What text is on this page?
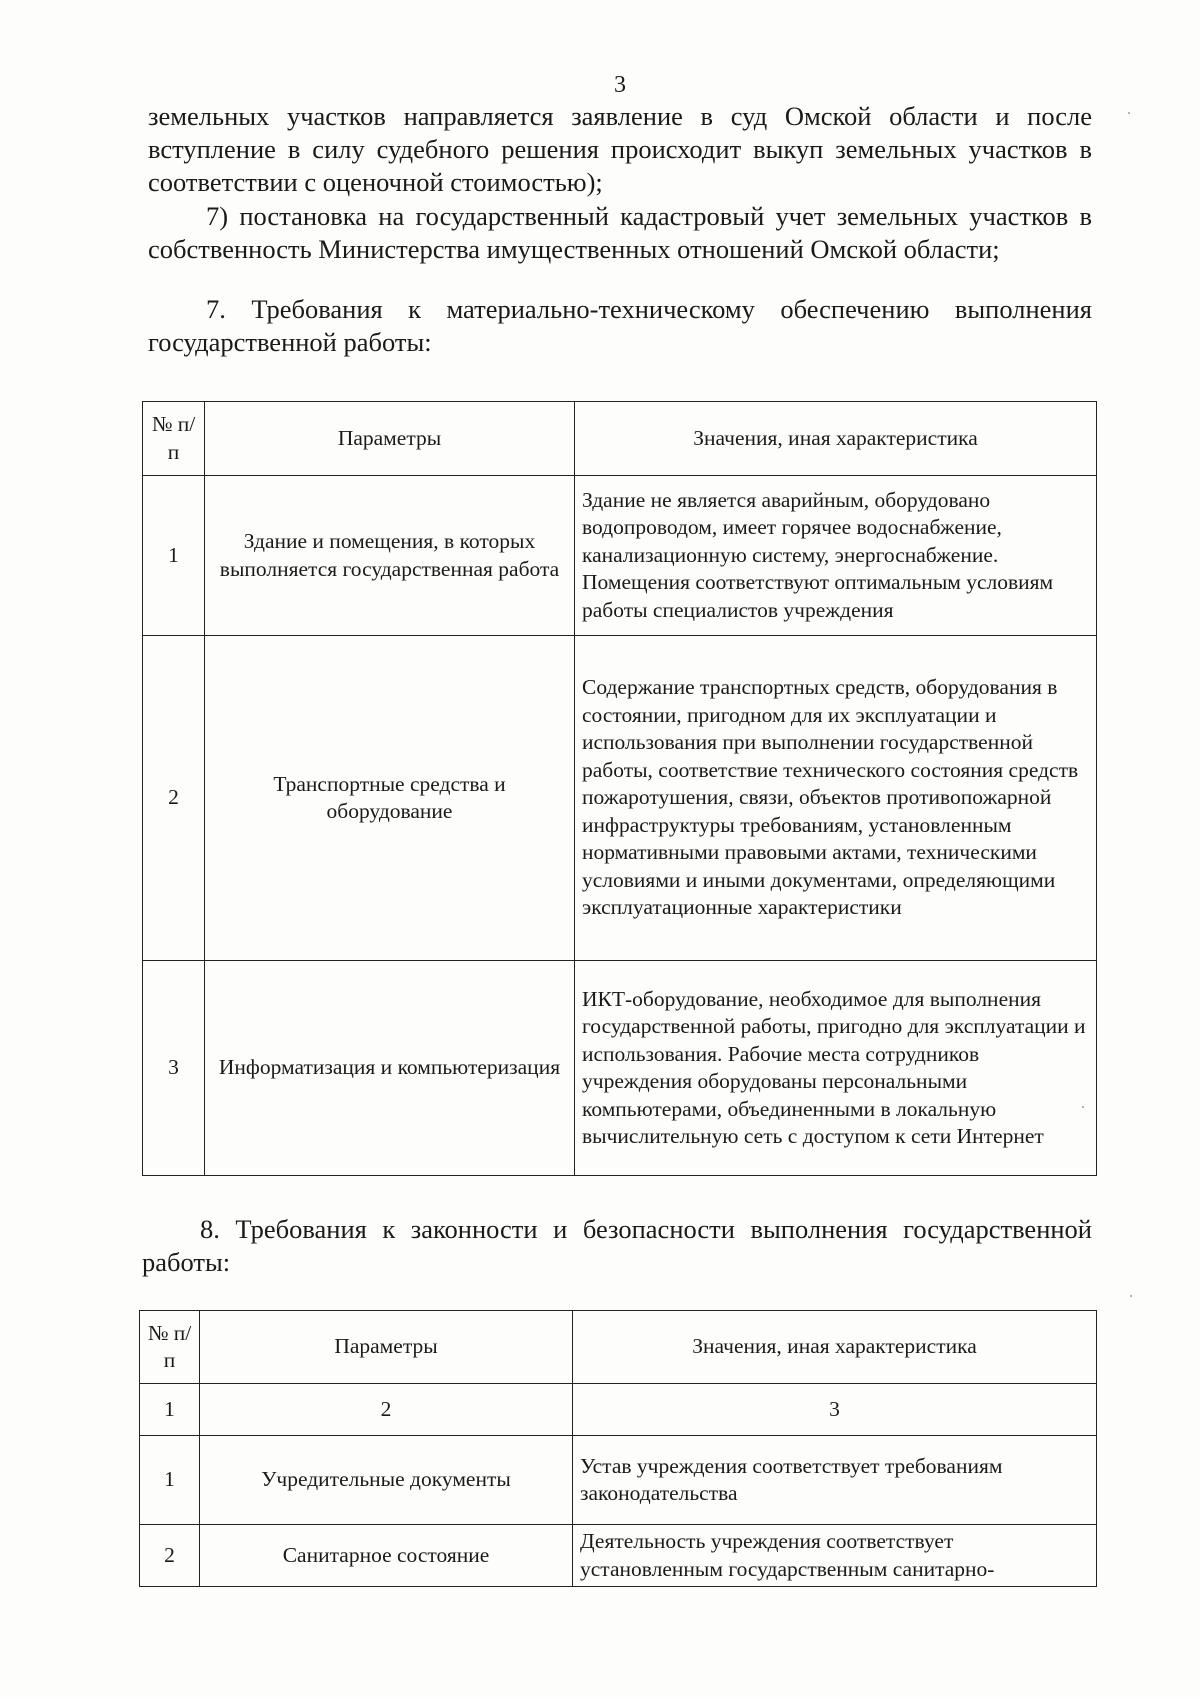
3

земельных участков направляется заявление в суд Омской области и после вступление в силу судебного решения происходит выкуп земельных участков в соответствии с оценочной стоимостью);

7) постановка на государственный кадастровый учет земельных участков в собственность Министерства имущественных отношений Омской области;

7. Требования к материально-техническому обеспечению выполнения государственной работы:

№ п/п	Параметры	Значения, иная характеристика
1	Здание и помещения, в которых выполняется государственная работа	Здание не является аварийным, оборудовано водопроводом, имеет горячее водоснабжение, канализационную систему, энергоснабжение. Помещения соответствуют оптимальным условиям работы специалистов учреждения
2	Транспортные средства и оборудование	Содержание транспортных средств, оборудования в состоянии, пригодном для их эксплуатации и использования при выполнении государственной работы, соответствие технического состояния средств пожаротушения, связи, объектов противопожарной инфраструктуры требованиям, установленным нормативными правовыми актами, техническими условиями и иными документами, определяющими эксплуатационные характеристики
3	Информатизация и компьютеризация	ИКТ-оборудование, необходимое для выполнения государственной работы, пригодно для эксплуатации и использования. Рабочие места сотрудников учреждения оборудованы персональными компьютерами, объединенными в локальную вычислительную сеть с доступом к сети Интернет

8. Требования к законности и безопасности выполнения государственной работы:

№ п/п	Параметры	Значения, иная характеристика
1	2	3
1	Учредительные документы	Устав учреждения соответствует требованиям законодательства
2	Санитарное состояние	Деятельность учреждения соответствует установленным государственным санитарно-
